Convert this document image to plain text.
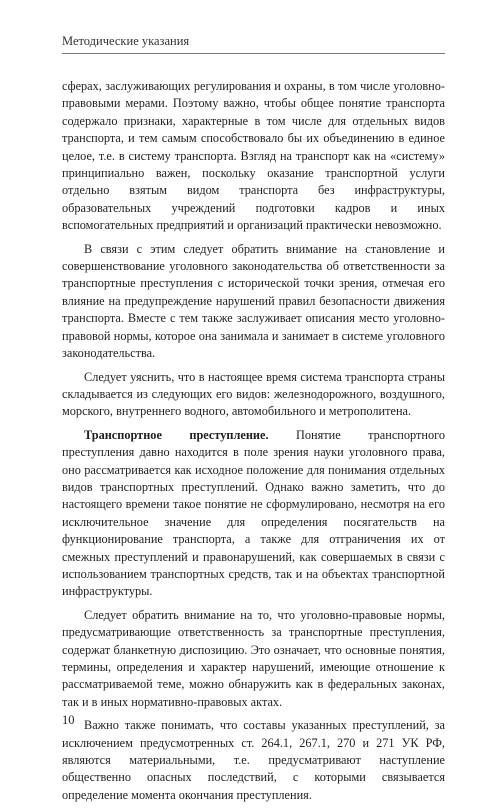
Методические указания

сферах, заслуживающих регулирования и охраны, в том числе уголовно-правовыми мерами. Поэтому важно, чтобы общее понятие транспорта содержало признаки, характерные в том числе для отдельных видов транспорта, и тем самым способствовало бы их объединению в единое целое, т.е. в систему транспорта. Взгляд на транспорт как на «систему» принципиально важен, поскольку оказание транспортной услуги отдельно взятым видом транспорта без инфраструктуры, образовательных учреждений подготовки кадров и иных вспомогательных предприятий и организаций практически невозможно.

В связи с этим следует обратить внимание на становление и совершенствование уголовного законодательства об ответственности за транспортные преступления с исторической точки зрения, отмечая его влияние на предупреждение нарушений правил безопасности движения транспорта. Вместе с тем также заслуживает описания место уголовно-правовой нормы, которое она занимала и занимает в системе уголовного законодательства.

Следует уяснить, что в настоящее время система транспорта страны складывается из следующих его видов: железнодорожного, воздушного, морского, внутреннего водного, автомобильного и метрополитена.

Транспортное преступление. Понятие транспортного преступления давно находится в поле зрения науки уголовного права, оно рассматривается как исходное положение для понимания отдельных видов транспортных преступлений. Однако важно заметить, что до настоящего времени такое понятие не сформулировано, несмотря на его исключительное значение для определения посягательств на функционирование транспорта, а также для отграничения их от смежных преступлений и правонарушений, как совершаемых в связи с использованием транспортных средств, так и на объектах транспортной инфраструктуры.

Следует обратить внимание на то, что уголовно-правовые нормы, предусматривающие ответственность за транспортные преступления, содержат бланкетную диспозицию. Это означает, что основные понятия, термины, определения и характер нарушений, имеющие отношение к рассматриваемой теме, можно обнаружить как в федеральных законах, так и в иных нормативно-правовых актах.

Важно также понимать, что составы указанных преступлений, за исключением предусмотренных ст. 264.1, 267.1, 270 и 271 УК РФ, являются материальными, т.е. предусматривают наступление общественно опасных последствий, с которыми связывается определение момента окончания преступления.

10
